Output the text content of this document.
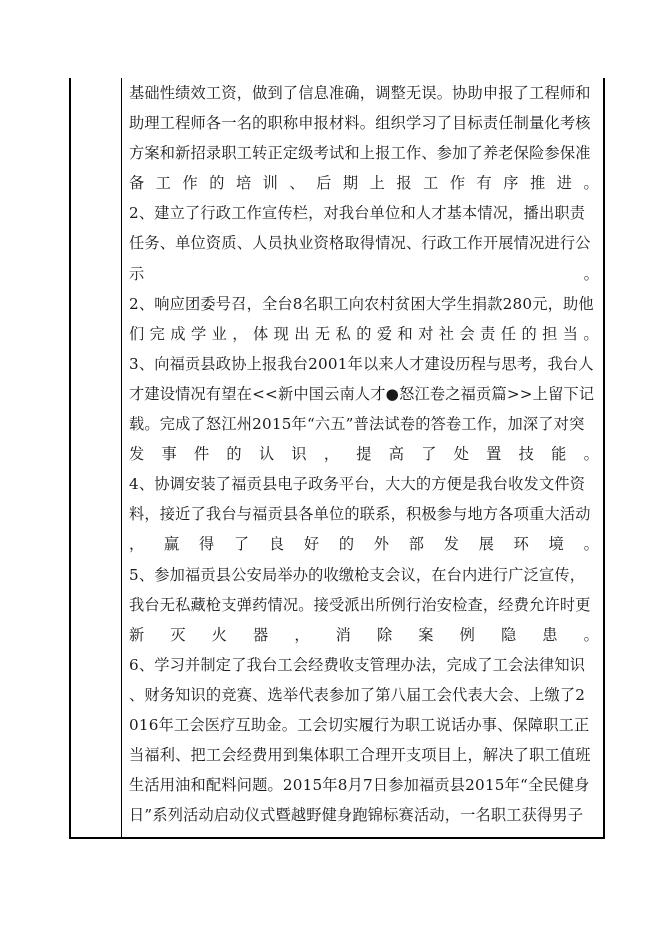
基础性绩效工资，做到了信息准确，调整无误。协助申报了工程师和
助理工程师各一名的职称申报材料。组织学习了目标责任制量化考核
方案和新招录职工转正定级考试和上报工作、参加了养老保险参保准
备 工 作 的 培 训 、 后 期 上 报 工 作 有 序 推 进 。
2、建立了行政工作宣传栏，对我台单位和人才基本情况，播出职责
任务、单位资质、人员执业资格取得情况、行政工作开展情况进行公
示	。
2、响应团委号召，全台8名职工向农村贫困大学生捐款280元，助他
们 完 成 学 业 ， 体 现 出 无 私 的 爱 和 对 社 会 责 任 的 担 当 。
3、向福贡县政协上报我台2001年以来人才建设历程与思考，我台人
才建设情况有望在<<新中国云南人才●怒江卷之福贡篇>>上留下记
载。完成了怒江州2015年“六五”普法试卷的答卷工作，加深了对突
发 事 件 的 认 识 ， 提 高 了 处 置 技 能 。
4、协调安装了福贡县电子政务平台，大大的方便是我台收发文件资
料，接近了我台与福贡县各单位的联系，积极参与地方各项重大活动
， 赢 得 了 良 好 的 外 部 发 展 环 境 。
5、参加福贡县公安局举办的收缴枪支会议，在台内进行广泛宣传，
我台无私藏枪支弹药情况。接受派出所例行治安检查，经费允许时更
新 灭 火 器 ， 消 除 案 例 隐 患 。
6、学习并制定了我台工会经费收支管理办法，完成了工会法律知识
、财务知识的竞赛、选举代表参加了第八届工会代表大会、上缴了2
016年工会医疗互助金。工会切实履行为职工说话办事、保障职工正
当福利、把工会经费用到集体职工合理开支项目上，解决了职工值班
生活用油和配料问题。2015年8月7日参加福贡县2015年“全民健身
日”系列活动启动仪式暨越野健身跑锦标赛活动，一名职工获得男子
